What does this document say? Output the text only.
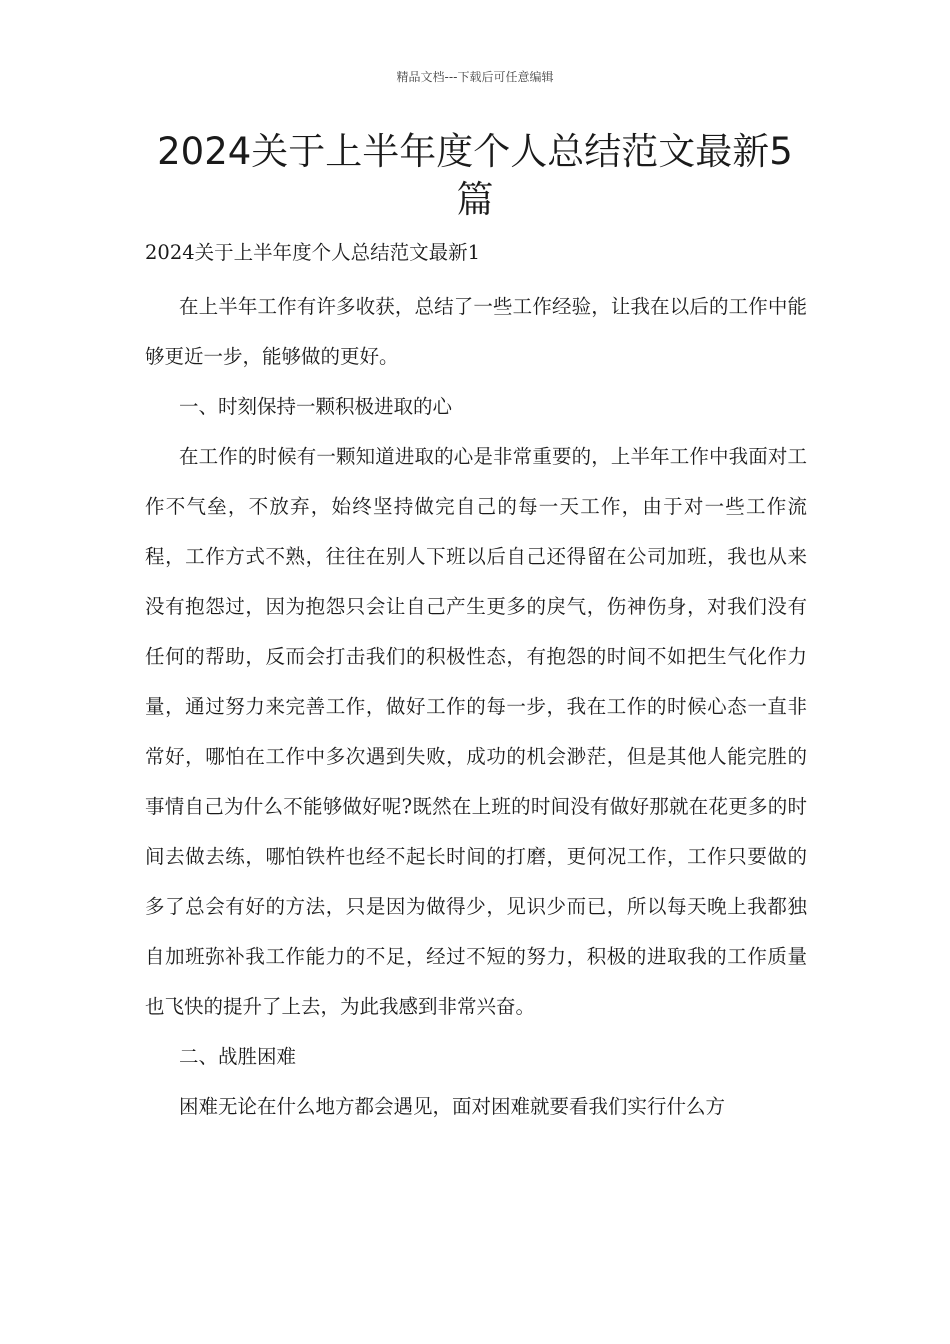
精品文档---下载后可任意编辑
2024关于上半年度个人总结范文最新5篇

2024关于上半年度个人总结范文最新1

在上半年工作有许多收获，总结了一些工作经验，让我在以后的工作中能够更近一步，能够做的更好。

一、时刻保持一颗积极进取的心

在工作的时候有一颗知道进取的心是非常重要的，上半年工作中我面对工作不气垒，不放弃，始终坚持做完自己的每一天工作，由于对一些工作流程，工作方式不熟，往往在别人下班以后自己还得留在公司加班，我也从来没有抱怨过，因为抱怨只会让自己产生更多的戾气，伤神伤身，对我们没有任何的帮助，反而会打击我们的积极性态，有抱怨的时间不如把生气化作力量，通过努力来完善工作，做好工作的每一步，我在工作的时候心态一直非常好，哪怕在工作中多次遇到失败，成功的机会渺茫，但是其他人能完胜的事情自己为什么不能够做好呢?既然在上班的时间没有做好那就在花更多的时间去做去练，哪怕铁杵也经不起长时间的打磨，更何况工作，工作只要做的多了总会有好的方法，只是因为做得少，见识少而已，所以每天晚上我都独自加班弥补我工作能力的不足，经过不短的努力，积极的进取我的工作质量也飞快的提升了上去，为此我感到非常兴奋。

二、战胜困难

困难无论在什么地方都会遇见，面对困难就要看我们实行什么方
